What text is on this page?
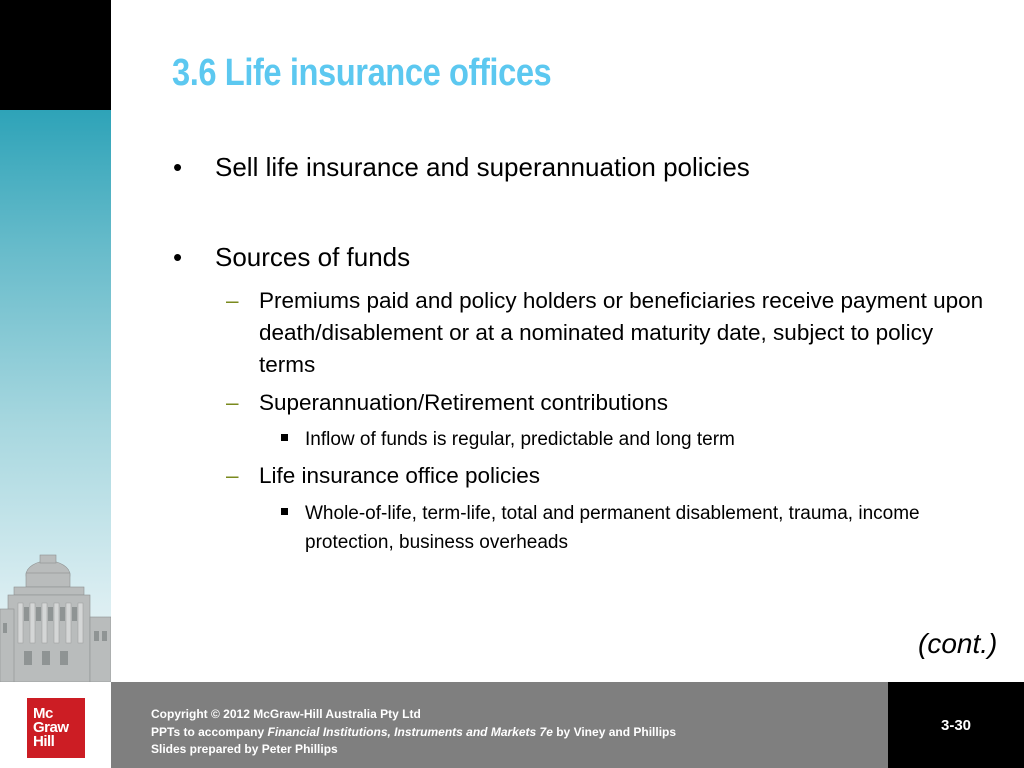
Mc
Graw
Hill
Copyright © 2012 McGraw-Hill Australia Pty Ltd
PPTs to accompany Financial Institutions, Instruments and Markets 7e by Viney and Phillips
Slides prepared by Peter Phillips
3-30
3.6 Life insurance offices
• Sell life insurance and superannuation policies
• Sources of funds
– Premiums paid and policy holders or beneficiaries receive payment upon death/disablement or at a nominated maturity date, subject to policy terms
– Superannuation/Retirement contributions
Inflow of funds is regular, predictable and long term
– Life insurance office policies
Whole-of-life, term-life, total and permanent disablement, trauma, income protection, business overheads
(cont.)
